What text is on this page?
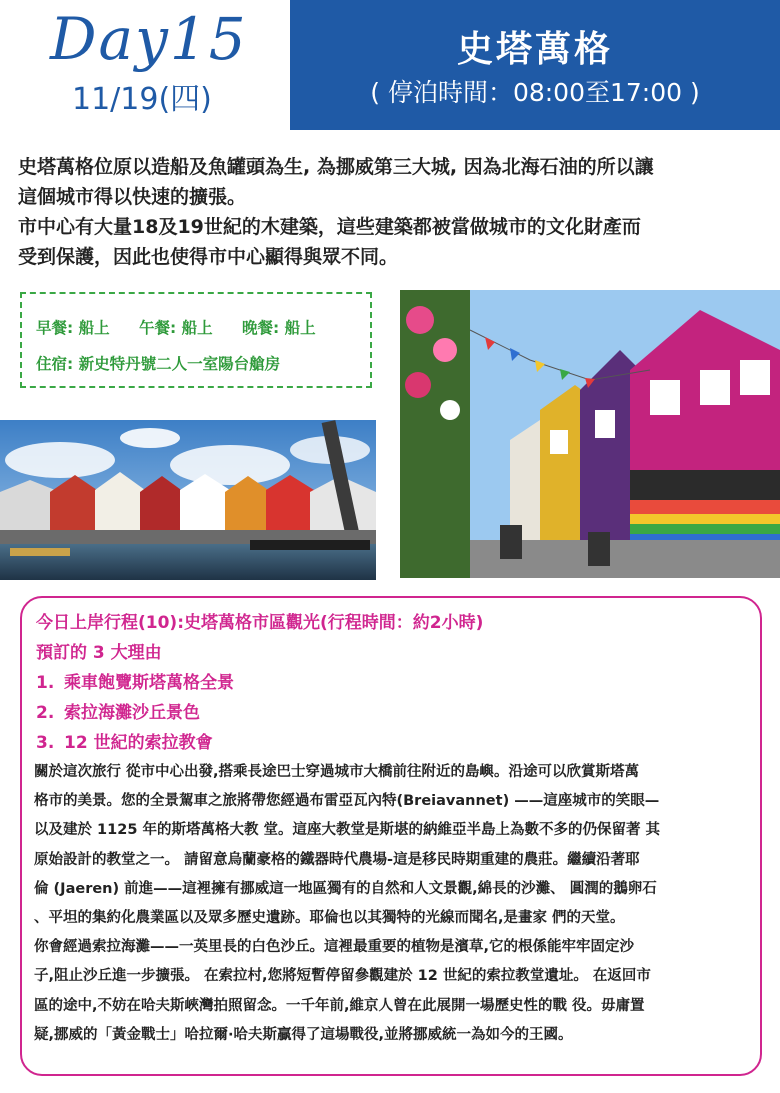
Day15
11/19(四)
史塔萬格
( 停泊時間：08:00至17:00 )

史塔萬格位原以造船及魚罐頭為生, 為挪威第三大城, 因為北海石油的所以讓

這個城市得以快速的擴張。

市中心有大量18及19世紀的木建築，這些建築都被當做城市的文化財產而

受到保護，因此也使得市中心顯得與眾不同。

早餐: 船上 午餐: 船上 晚餐: 船上
住宿: 新史特丹號二人一室陽台艙房
今日上岸行程(10):史塔萬格市區觀光(行程時間：約2小時)
預訂的 3 大理由
1. 乘車飽覽斯塔萬格全景
2. 索拉海灘沙丘景色
3. 12 世紀的索拉教會
關於這次旅行 從市中心出發,搭乘長途巴士穿過城市大橋前往附近的島嶼。沿途可以欣賞斯塔萬
格市的美景。您的全景駕車之旅將帶您經過布雷亞瓦內特(Breiavannet) ——這座城市的笑眼—
以及建於 1125 年的斯塔萬格大教 堂。這座大教堂是斯堪的納維亞半島上為數不多的仍保留著 其
原始設計的教堂之一。 請留意烏蘭豪格的鐵器時代農場-這是移民時期重建的農莊。繼續沿著耶
倫 (Jaeren) 前進——這裡擁有挪威這一地區獨有的自然和人文景觀,綿長的沙灘、 圓潤的鵝卵石
、平坦的集約化農業區以及眾多歷史遺跡。耶倫也以其獨特的光線而聞名,是畫家 們的天堂。
你會經過索拉海灘——一英里長的白色沙丘。這裡最重要的植物是濱草,它的根係能牢牢固定沙
子,阻止沙丘進一步擴張。 在索拉村,您將短暫停留參觀建於 12 世紀的索拉教堂遺址。 在返回市
區的途中,不妨在哈夫斯峽灣拍照留念。一千年前,維京人曾在此展開一場歷史性的戰 役。毋庸置
疑,挪威的「黃金戰士」哈拉爾·哈夫斯贏得了這場戰役,並將挪威統一為如今的王國。
